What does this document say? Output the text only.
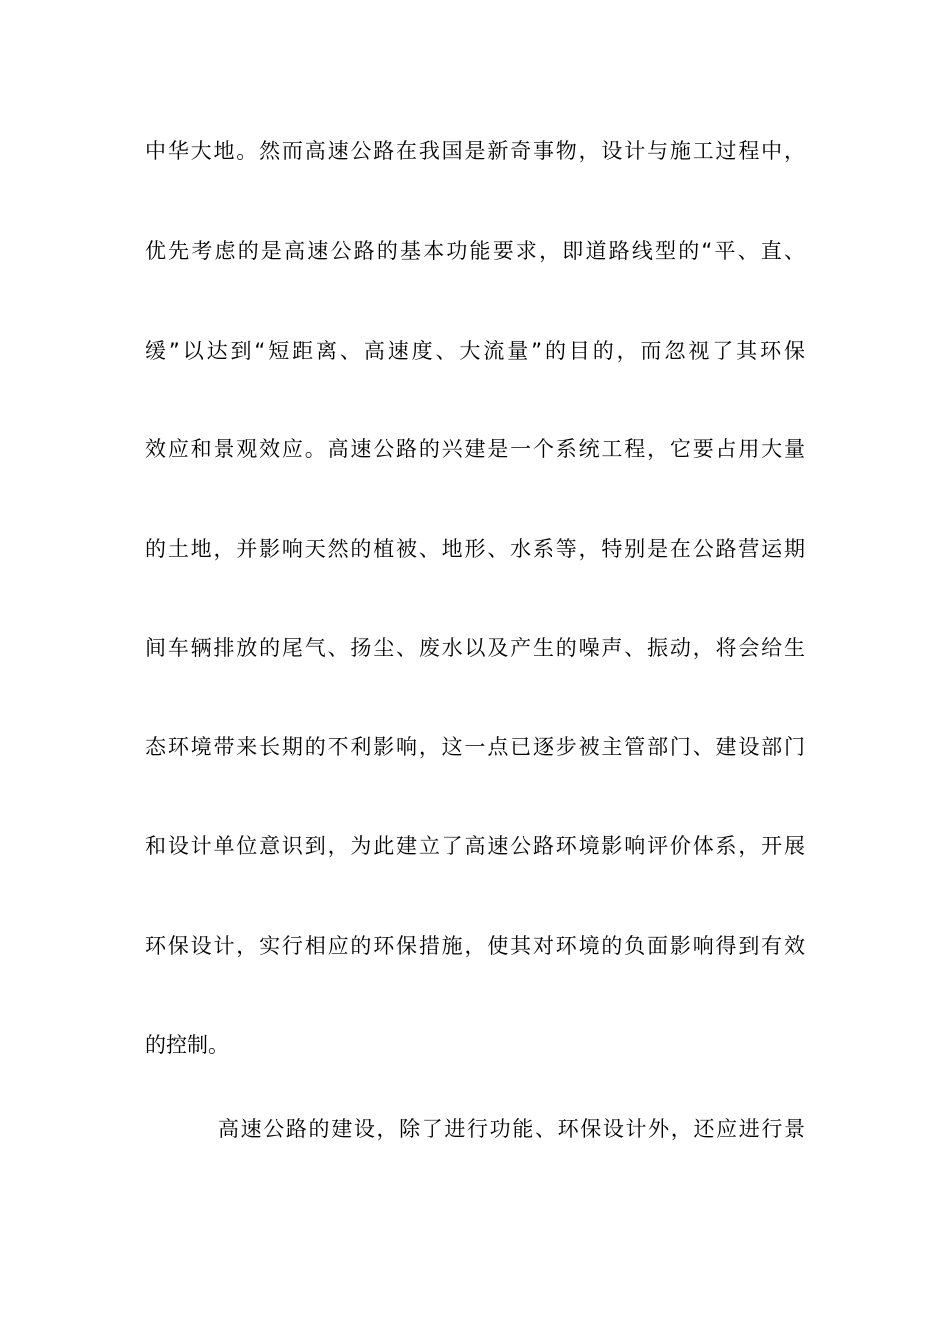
中华大地。然而高速公路在我国是新奇事物，设计与施工过程中，
优先考虑的是高速公路的基本功能要求，即道路线型的“平、直、
缓”以达到“短距离、高速度、大流量”的目的，而忽视了其环保
效应和景观效应。高速公路的兴建是一个系统工程，它要占用大量
的土地，并影响天然的植被、地形、水系等，特别是在公路营运期
间车辆排放的尾气、扬尘、废水以及产生的噪声、振动，将会给生
态环境带来长期的不利影响，这一点已逐步被主管部门、建设部门
和设计单位意识到，为此建立了高速公路环境影响评价体系，开展
环保设计，实行相应的环保措施，使其对环境的负面影响得到有效
的控制。
高速公路的建设，除了进行功能、环保设计外，还应进行景
